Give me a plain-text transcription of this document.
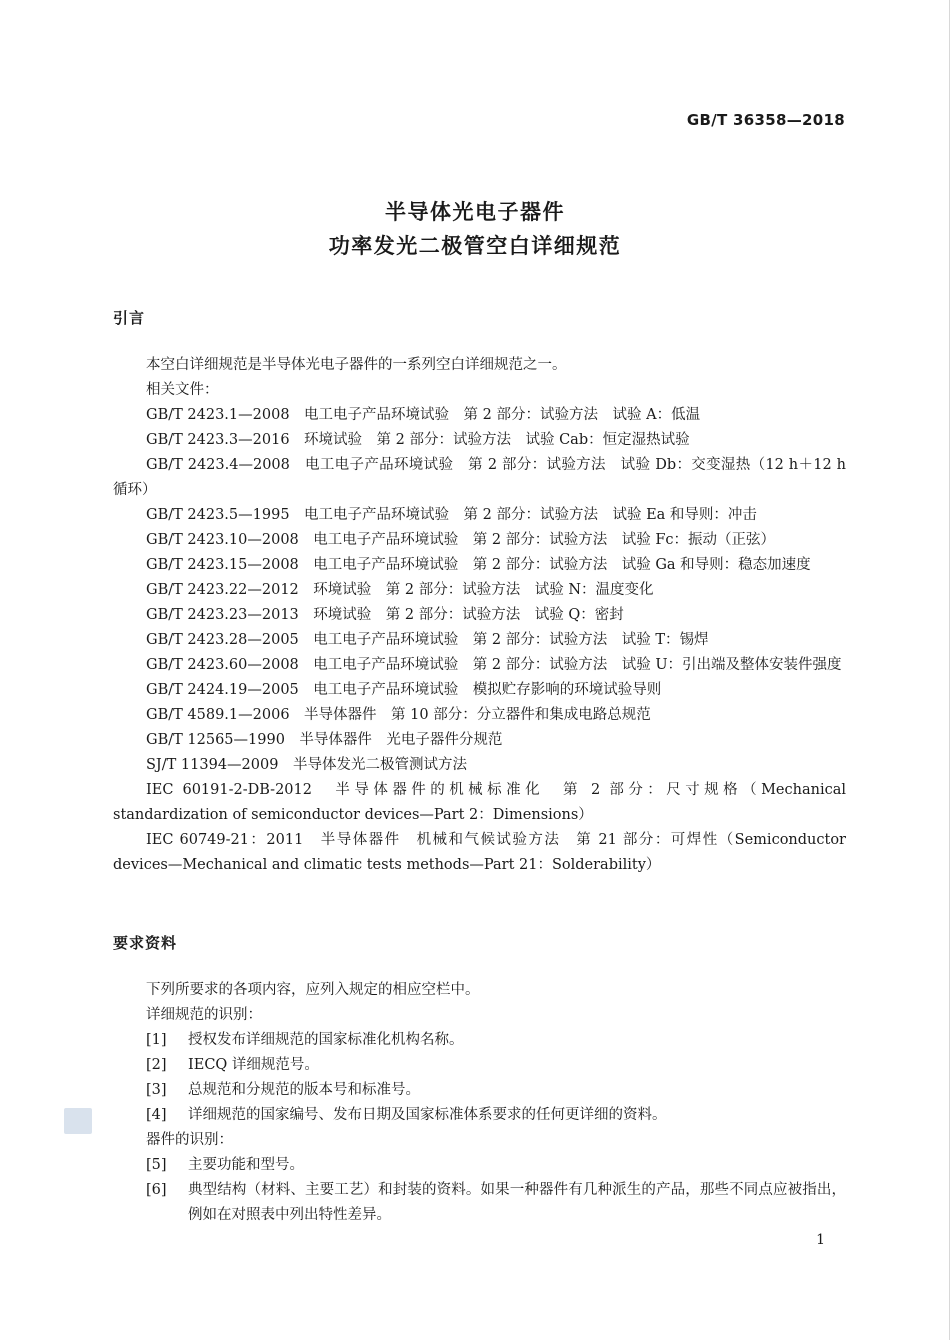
GB/T 36358—2018
半导体光电子器件
功率发光二极管空白详细规范
引言

本空白详细规范是半导体光电子器件的一系列空白详细规范之一。

相关文件：

GB/T 2423.1—2008　电工电子产品环境试验　第 2 部分：试验方法　试验 A：低温

GB/T 2423.3—2016　环境试验　第 2 部分：试验方法　试验 Cab：恒定湿热试验

GB/T 2423.4—2008　电工电子产品环境试验　第 2 部分：试验方法　试验 Db：交变湿热（12 h＋12 h 循环）

GB/T 2423.5—1995　电工电子产品环境试验　第 2 部分：试验方法　试验 Ea 和导则：冲击

GB/T 2423.10—2008　电工电子产品环境试验　第 2 部分：试验方法　试验 Fc：振动（正弦）

GB/T 2423.15—2008　电工电子产品环境试验　第 2 部分：试验方法　试验 Ga 和导则：稳态加速度

GB/T 2423.22—2012　环境试验　第 2 部分：试验方法　试验 N：温度变化

GB/T 2423.23—2013　环境试验　第 2 部分：试验方法　试验 Q：密封

GB/T 2423.28—2005　电工电子产品环境试验　第 2 部分：试验方法　试验 T：锡焊

GB/T 2423.60—2008　电工电子产品环境试验　第 2 部分：试验方法　试验 U：引出端及整体安装件强度

GB/T 2424.19—2005　电工电子产品环境试验　模拟贮存影响的环境试验导则

GB/T 4589.1—2006　半导体器件　第 10 部分：分立器件和集成电路总规范

GB/T 12565—1990　半导体器件　光电子器件分规范

SJ/T 11394—2009　半导体发光二极管测试方法

IEC 60191-2-DB-2012　半导体器件的机械标准化　第 2 部分：尺寸规格（Mechanical standardization of semiconductor devices—Part 2：Dimensions）

IEC 60749-21：2011　半导体器件　机械和气候试验方法　第 21 部分：可焊性（Semiconductor devices—Mechanical and climatic tests methods—Part 21：Solderability）

要求资料

下列所要求的各项内容，应列入规定的相应空栏中。

详细规范的识别：

[1]	授权发布详细规范的国家标准化机构名称。
[2]	IECQ 详细规范号。
[3]	总规范和分规范的版本号和标准号。
[4]	详细规范的国家编号、发布日期及国家标准体系要求的任何更详细的资料。

器件的识别：

[5]	主要功能和型号。
[6]	典型结构（材料、主要工艺）和封装的资料。如果一种器件有几种派生的产品，那些不同点应被指出，例如在对照表中列出特性差异。
1
